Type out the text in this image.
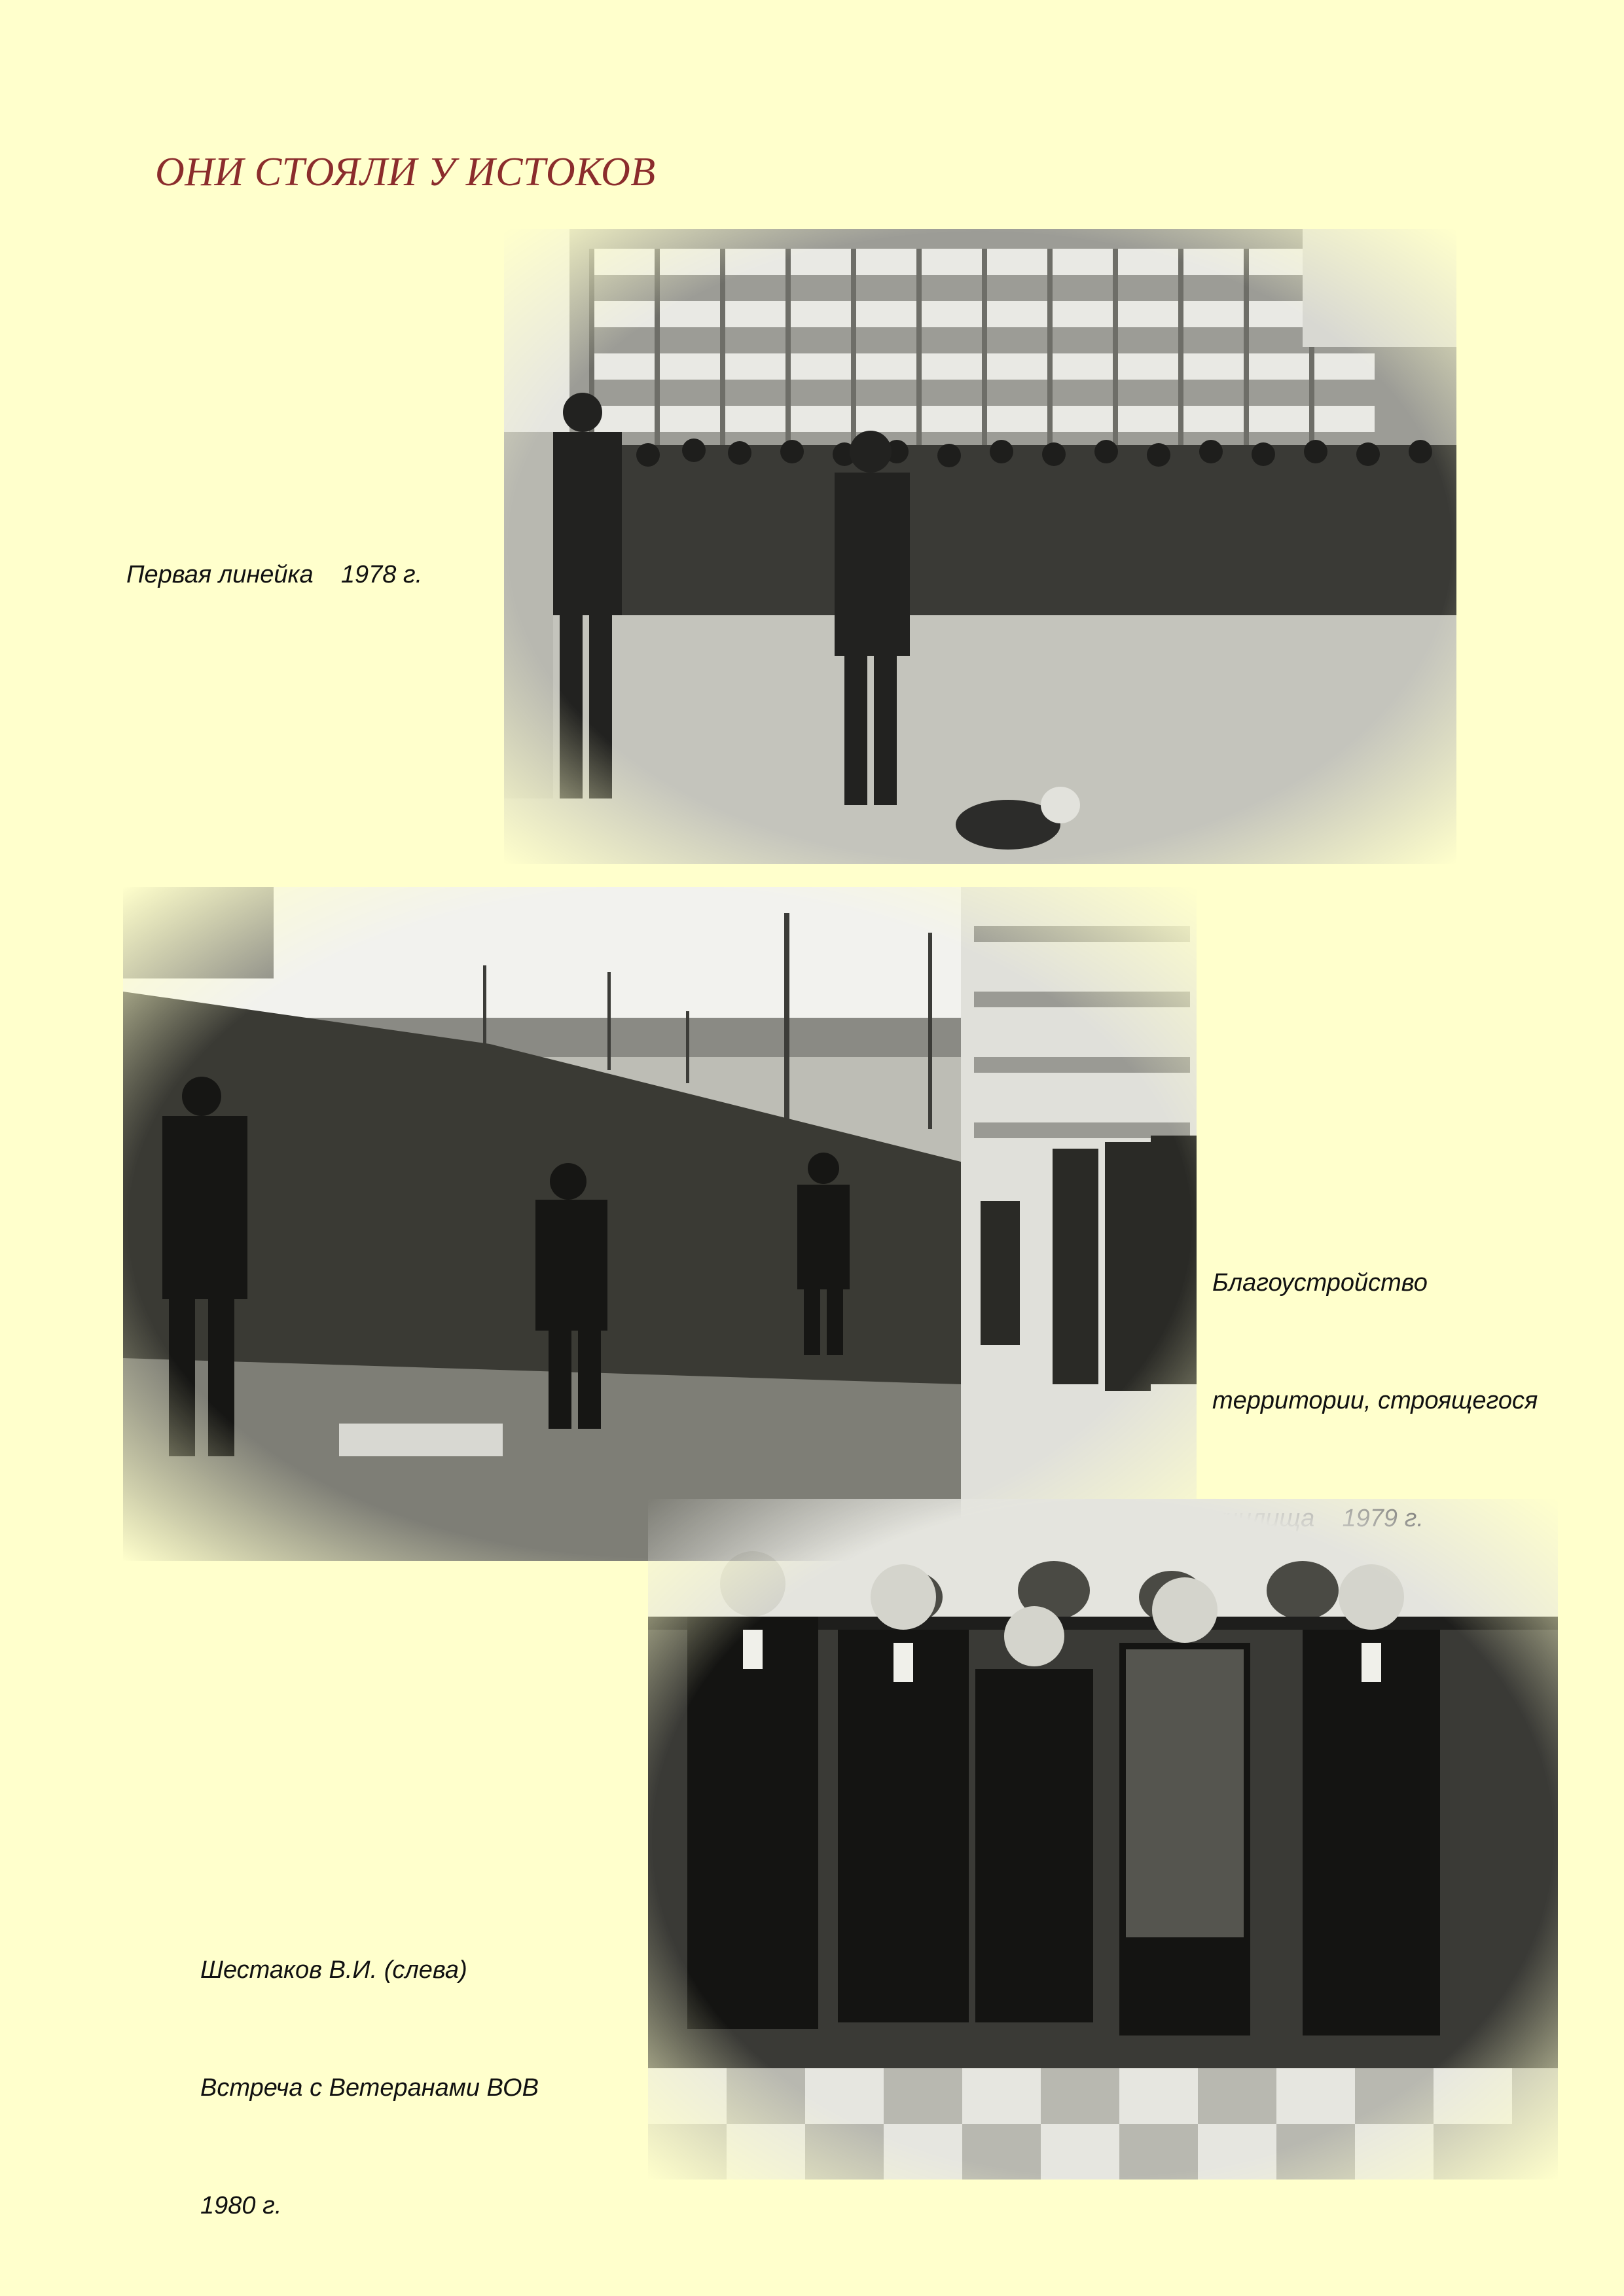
ОНИ СТОЯЛИ У ИСТОКОВ

Первая линейка    1978 г.

Благоустройство

территории, строящегося

Шестаков В.И. (слева)

Встреча с Ветеранами ВОВ

1980 г.
